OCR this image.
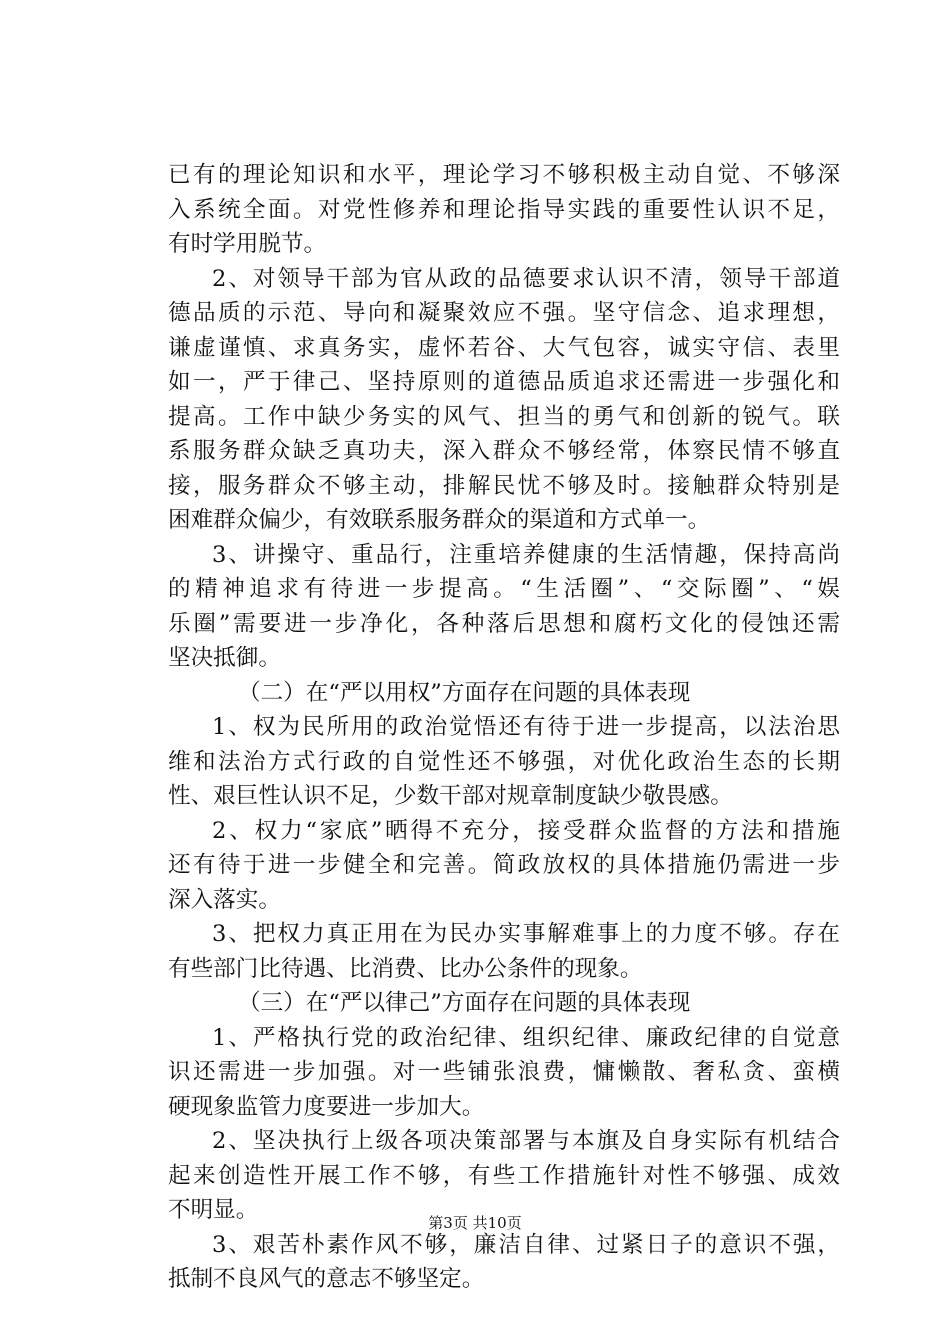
已有的理论知识和水平，理论学习不够积极主动自觉、不够深
入系统全面。对党性修养和理论指导实践的重要性认识不足，
有时学用脱节。
2、对领导干部为官从政的品德要求认识不清，领导干部道
德品质的示范、导向和凝聚效应不强。坚守信念、追求理想，
谦虚谨慎、求真务实，虚怀若谷、大气包容，诚实守信、表里
如一，严于律己、坚持原则的道德品质追求还需进一步强化和
提高。工作中缺少务实的风气、担当的勇气和创新的锐气。联
系服务群众缺乏真功夫，深入群众不够经常，体察民情不够直
接，服务群众不够主动，排解民忧不够及时。接触群众特别是
困难群众偏少，有效联系服务群众的渠道和方式单一。
3、讲操守、重品行，注重培养健康的生活情趣，保持高尚
的精神追求有待进一步提高。“生活圈”、“交际圈”、“娱
乐圈”需要进一步净化，各种落后思想和腐朽文化的侵蚀还需
坚决抵御。
（二）在“严以用权”方面存在问题的具体表现
1、权为民所用的政治觉悟还有待于进一步提高，以法治思
维和法治方式行政的自觉性还不够强，对优化政治生态的长期
性、艰巨性认识不足，少数干部对规章制度缺少敬畏感。
2、权力“家底”晒得不充分，接受群众监督的方法和措施
还有待于进一步健全和完善。简政放权的具体措施仍需进一步
深入落实。
3、把权力真正用在为民办实事解难事上的力度不够。存在
有些部门比待遇、比消费、比办公条件的现象。
（三）在“严以律己”方面存在问题的具体表现
1、严格执行党的政治纪律、组织纪律、廉政纪律的自觉意
识还需进一步加强。对一些铺张浪费，慵懒散、奢私贪、蛮横
硬现象监管力度要进一步加大。
2、坚决执行上级各项决策部署与本旗及自身实际有机结合
起来创造性开展工作不够，有些工作措施针对性不够强、成效
不明显。
3、艰苦朴素作风不够，廉洁自律、过紧日子的意识不强，
抵制不良风气的意志不够坚定。
第3页 共10页
